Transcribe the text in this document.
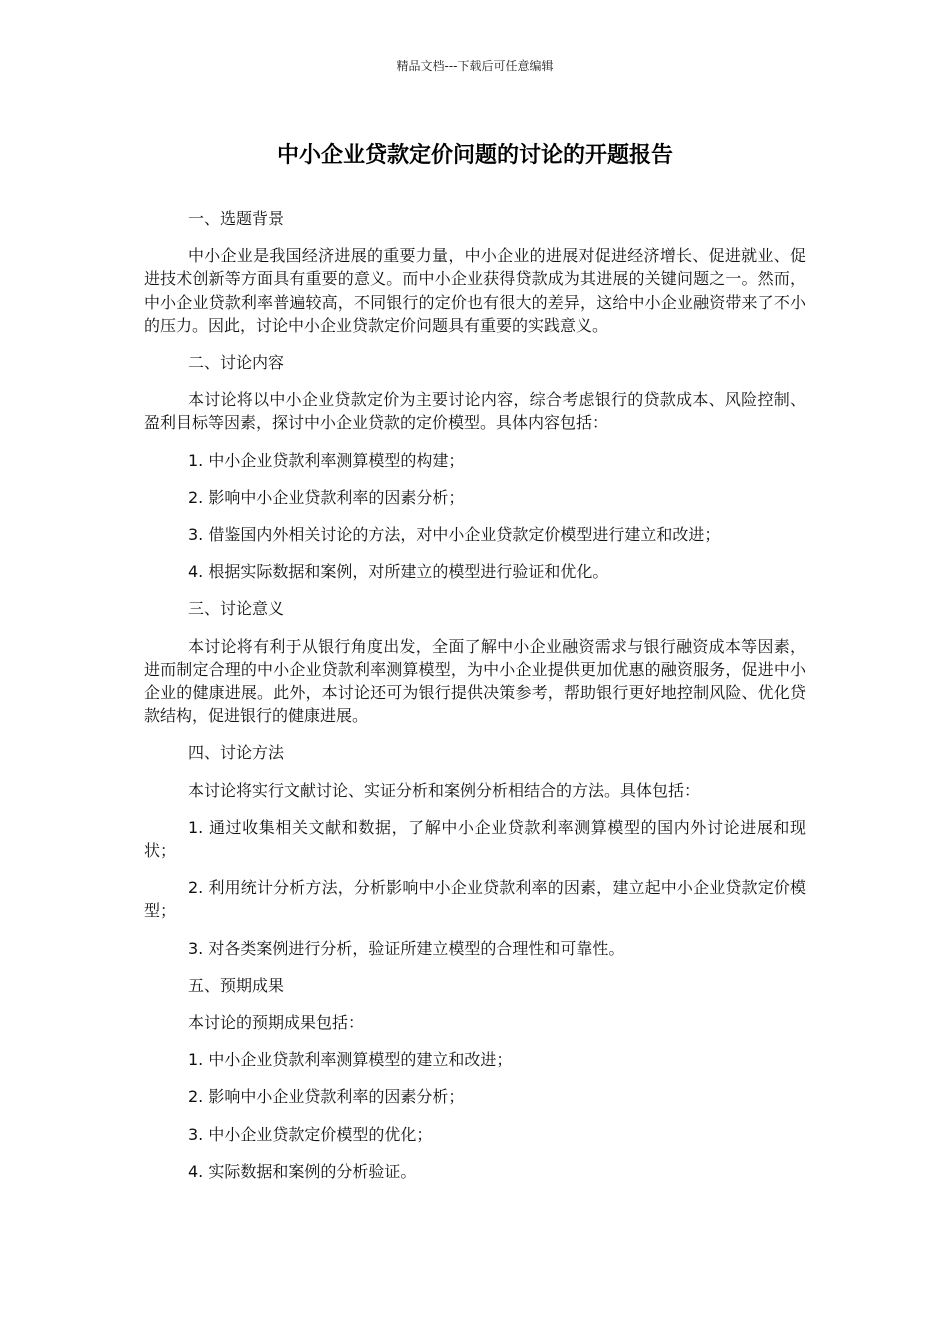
精品文档---下载后可任意编辑
中小企业贷款定价问题的讨论的开题报告

一、选题背景

中小企业是我国经济进展的重要力量，中小企业的进展对促进经济增长、促进就业、促进技术创新等方面具有重要的意义。而中小企业获得贷款成为其进展的关键问题之一。然而，中小企业贷款利率普遍较高，不同银行的定价也有很大的差异，这给中小企业融资带来了不小的压力。因此，讨论中小企业贷款定价问题具有重要的实践意义。

二、讨论内容

本讨论将以中小企业贷款定价为主要讨论内容，综合考虑银行的贷款成本、风险控制、盈利目标等因素，探讨中小企业贷款的定价模型。具体内容包括：

1. 中小企业贷款利率测算模型的构建；

2. 影响中小企业贷款利率的因素分析；

3. 借鉴国内外相关讨论的方法，对中小企业贷款定价模型进行建立和改进；

4. 根据实际数据和案例，对所建立的模型进行验证和优化。

三、讨论意义

本讨论将有利于从银行角度出发，全面了解中小企业融资需求与银行融资成本等因素，进而制定合理的中小企业贷款利率测算模型，为中小企业提供更加优惠的融资服务，促进中小企业的健康进展。此外，本讨论还可为银行提供决策参考，帮助银行更好地控制风险、优化贷款结构，促进银行的健康进展。

四、讨论方法

本讨论将实行文献讨论、实证分析和案例分析相结合的方法。具体包括：

1. 通过收集相关文献和数据，了解中小企业贷款利率测算模型的国内外讨论进展和现状；

2. 利用统计分析方法，分析影响中小企业贷款利率的因素，建立起中小企业贷款定价模型；

3. 对各类案例进行分析，验证所建立模型的合理性和可靠性。

五、预期成果

本讨论的预期成果包括：

1. 中小企业贷款利率测算模型的建立和改进；

2. 影响中小企业贷款利率的因素分析；

3. 中小企业贷款定价模型的优化；

4. 实际数据和案例的分析验证。
